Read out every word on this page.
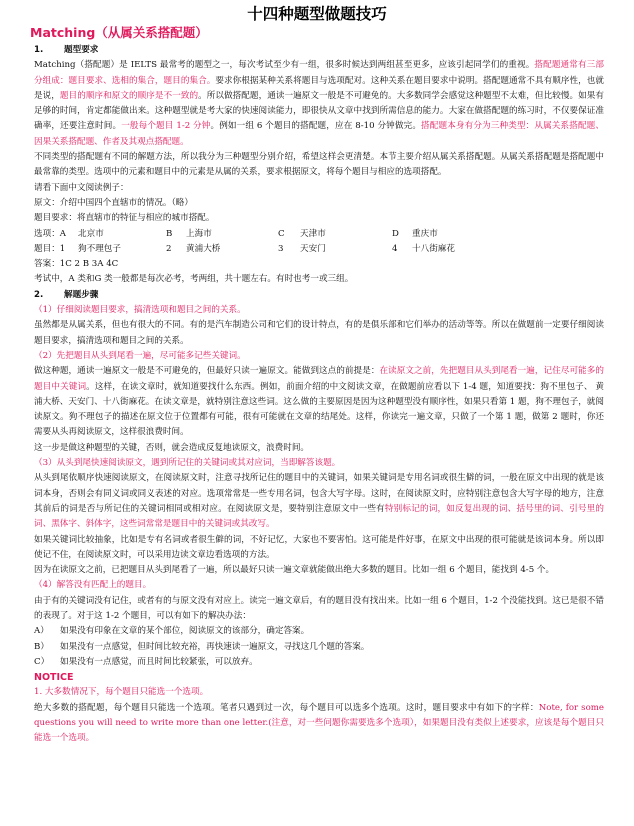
十四种题型做题技巧
Matching（从属关系搭配题）
1. 题型要求

Matching（搭配题）是 IELTS 最常考的题型之一，每次考试至少有一组，很多时候达到两组甚至更多，应该引起同学们的重视。搭配题通常有三部分组成：题目要求、选相的集合，题目的集合。要求你根据某种关系将题目与选项配对。这种关系在题目要求中说明。搭配题通常不具有顺序性，也就是说，题目的顺序和原文的顺序是不一致的。所以做搭配题，通读一遍原文一般是不可避免的。大多数同学会感觉这种题型不太难，但比较慢。如果有足够的时间，肯定都能做出来。这种题型就是考大家的快速阅读能力，即很快从文章中找到所需信息的能力。大家在做搭配题的练习时，不仅要保证准确率，还要注意时间。一般每个题目 1-2 分钟。例如一组 6 个题目的搭配题，应在 8-10 分钟做完。搭配题本身有分为三种类型：从属关系搭配题、因果关系搭配题、作者及其观点搭配题。

不同类型的搭配题有不同的解题方法，所以我分为三种题型分别介绍，希望这样会更清楚。本节主要介绍从属关系搭配题。从属关系搭配题是搭配题中最常靠的类型。选项中的元素和题目中的元素是从属的关系，要求根据原文，将每个题目与相应的选项搭配。

请看下面中文阅读例子：

原文：介绍中国四个直辖市的情况。（略）

题目要求：将直辖市的特征与相应的城市搭配。

选项：A	北京市	B	上海市	C	天津市	D	重庆市
题目：1	狗不理包子	2	黄浦大桥	3	天安门	4	十八街麻花

答案：1C 2 B 3A 4C

考试中，A 类和G 类一般都是每次必考，考两组，共十题左右。有时也考一或三组。

2. 解题步骤

（1）仔细阅读题目要求，搞清选项和题目之间的关系。

虽然都是从属关系，但也有很大的不同。有的是汽车制造公司和它们的设计特点，有的是俱乐部和它们举办的活动等等。所以在做题前一定要仔细阅读题目要求，搞清选项和题目之间的关系。

（2）先把题目从头到尾看一遍，尽可能多记些关键词。

做这种题，通读一遍原文一般是不可避免的，但最好只读一遍原文。能做到这点的前提是：在读原文之前，先把题目从头到尾看一遍，记住尽可能多的题目中关键词。这样，在读文章时，就知道要找什么东西。例如，前面介绍的中文阅读文章，在做题前应看以下 1-4 题，知道要找：狗不里包子、 黄浦大桥、天安门、十八街麻花。在读文章是，就特别注意这些词。这么做的主要原因是因为这种题型没有顺序性，如果只看第 1 题，狗不理包子，就阅读原文。狗不理包子的描述在原文位于位置都有可能，很有可能就在文章的结尾处。这样，你读完一遍文章，只做了一个第 1 题，做第 2 题时，你还需要从头再阅读原文，这样很浪费时间。

这一步是做这种题型的关键，否则，就会造成反复地读原文，浪费时间。

（3）从头到尾快速阅读原文，遇到所记住的关键词或其对应词，当即解答该题。

从头到尾依顺序快速阅读原文，在阅读原文时，注意寻找所记住的题目中的关键词，如果关键词是专用名词或很生僻的词，一般在原文中出现的就是该词本身，否则会有同义词或同义表述的对应。选项常常是一些专用名词，包含大写字母。这时，在阅读原文时，应特别注意包含大写字母的地方，注意其前后的词是否与所记住的关键词相同或相对应。在阅读原文是，要特别注意原文中一些有特别标记的词，如反复出现的词、括号里的词、引号里的词、黑体字、斜体字，这些词常常是题目中的关键词或其改写。

如果关键词比较抽象，比如是专有名词或者很生僻的词，不好记忆，大家也不要害怕。这可能是件好事，在原文中出现的很可能就是该词本身。所以即使记不住，在阅读原文时，可以采用边读文章边看选项的方法。

因为在读原文之前，已把题目从头到尾看了一遍，所以最好只读一遍文章就能做出绝大多数的题目。比如一组 6 个题目，能找到 4-5 个。

（4）解答没有匹配上的题目。

由于有的关键词没有记住，或者有的与原文没有对应上。读完一遍文章后，有的题目没有找出来。比如一组 6 个题目，1-2 个没能找到。这已是很不错的表现了。对于这 1-2 个题目，可以有如下的解决办法：

A）	如果没有印象在文章的某个部位，阅读原文的该部分，确定答案。
B）	如果没有一点感觉，但时间比较充裕，再快速读一遍原文，寻找这几个题的答案。
C）	如果没有一点感觉，而且时间比较紧张，可以放弃。
NOTICE

1. 大多数情况下，每个题目只能选一个选项。

绝大多数的搭配题，每个题目只能选一个选项。笔者只遇到过一次，每个题目可以选多个选项。这时，题目要求中有如下的字样：Note, for some questions you will need to write more than one letter.(注意，对一些问题你需要选多个选项），如果题目没有类似上述要求，应该是每个题目只能选一个选项。
